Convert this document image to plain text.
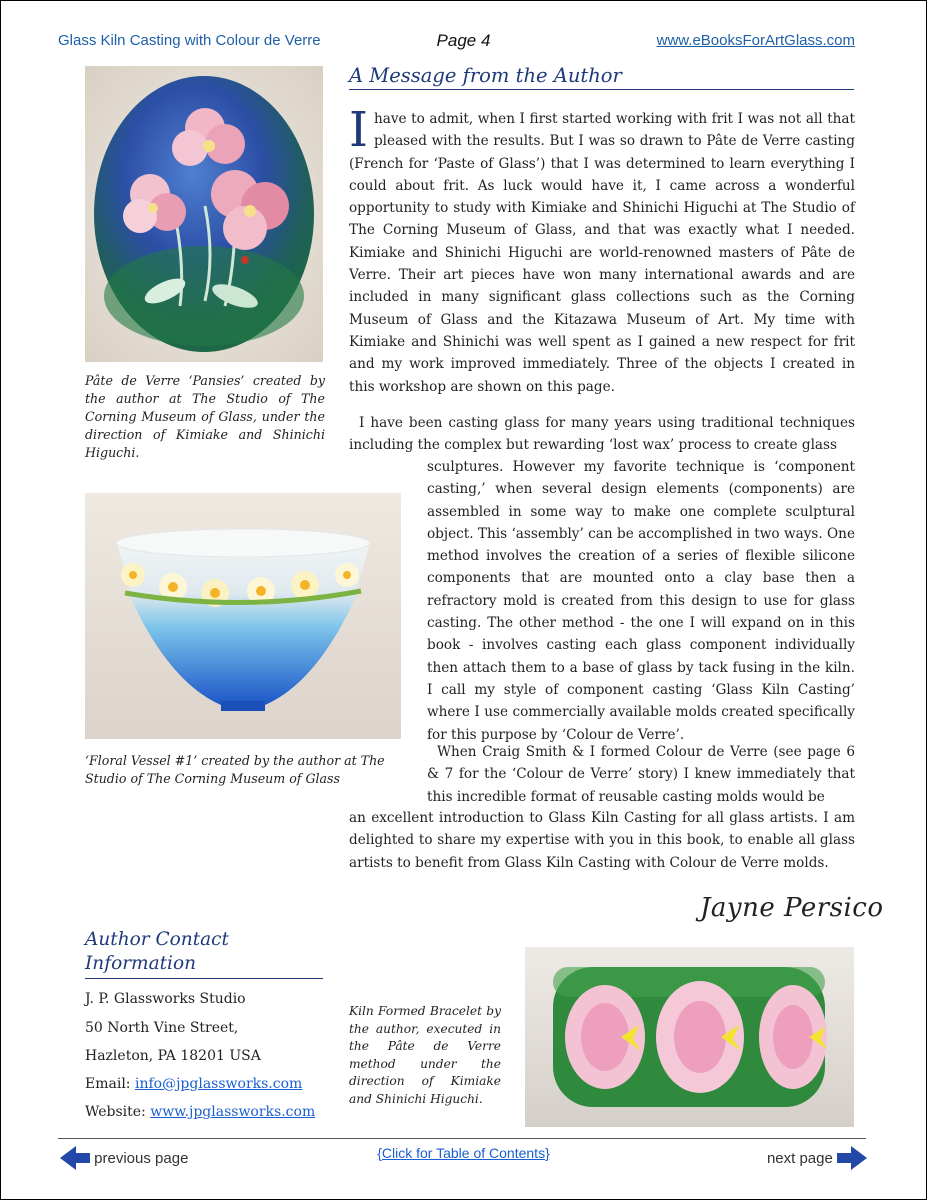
Glass Kiln Casting with Colour de Verre	Page 4	www.eBooksForArtGlass.com

Pâte de Verre ‘Pansies’ created by the author at The Studio of The Corning Museum of Glass, under the direction of Kimiake and Shinichi Higuchi.

‘Floral Vessel #1’ created by the author at The Studio of The Corning Museum of Glass

A Message from the Author

Ihave to admit, when I first started working with frit I was not all that pleased with the results. But I was so drawn to Pâte de Verre casting (French for ‘Paste of Glass’) that I was determined to learn everything I could about frit. As luck would have it, I came across a wonderful opportunity to study with Kimiake and Shinichi Higuchi at The Studio of The Corning Museum of Glass, and that was exactly what I needed. Kimiake and Shinichi Higuchi are world-renowned masters of Pâte de Verre. Their art pieces have won many international awards and are included in many significant glass collections such as the Corning Museum of Glass and the Kitazawa Museum of Art. My time with Kimiake and Shinichi was well spent as I gained a new respect for frit and my work improved immediately. Three of the objects I created in this workshop are shown on this page.

I have been casting glass for many years using traditional techniques including the complex but rewarding ‘lost wax’ process to create glass

sculptures. However my favorite technique is ‘component casting,’ when several design elements (components) are assembled in some way to make one complete sculptural object. This ‘assembly’ can be accomplished in two ways. One method involves the creation of a series of flexible silicone components that are mounted onto a clay base then a refractory mold is created from this design to use for glass casting. The other method - the one I will expand on in this book - involves casting each glass component individually then attach them to a base of glass by tack fusing in the kiln. I call my style of component casting ‘Glass Kiln Casting’ where I use commercially available molds created specifically for this purpose by ‘Colour de Verre’.

When Craig Smith & I formed Colour de Verre (see page 6 & 7 for the ‘Colour de Verre’ story) I knew immediately that this incredible format of reusable casting molds would be

an excellent introduction to Glass Kiln Casting for all glass artists. I am delighted to share my expertise with you in this book, to enable all glass artists to benefit from Glass Kiln Casting with Colour de Verre molds.

Jayne Persico
Author Contact Information
J. P. Glassworks Studio
50 North Vine Street,
Hazleton, PA 18201 USA
Email: info@jpglassworks.com
Website: www.jpglassworks.com

Kiln Formed Bracelet by the author, executed in the Pâte de Verre method under the direction of Kimiake and Shinichi Higuchi.

previous page	{Click for Table of Contents}	next page
